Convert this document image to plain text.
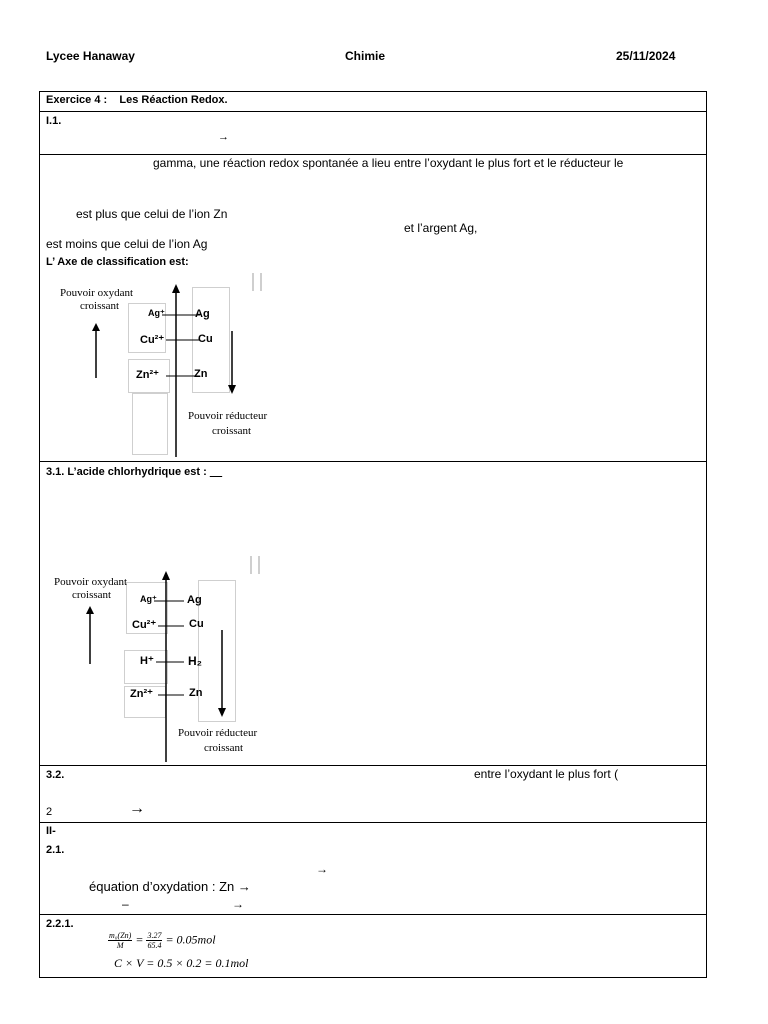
Lycee Hanaway	Chimie	25/11/2024
Exercice 4 :    Les Réaction Redox.
I.1.
→
gamma, une réaction redox spontanée a lieu entre l’oxydant le plus fort et le réducteur le
est plus que celui de l’ion Zn
et l’argent Ag,
est moins que celui de l’ion Ag
L’ Axe de classification est:
Pouvoir oxydant
croissant
Ag⁺
Cu²⁺
Zn²⁺
Ag
Cu
Zn
Pouvoir réducteur
croissant
3.1. L’acide chlorhydrique est : __
Pouvoir oxydant
croissant	Ag⁺
Cu²⁺
H⁺
Zn²⁺
Ag
Cu
H₂
Zn
Pouvoir réducteur
croissant
3.2.	entre l’oxydant le plus fort (
2	→
II-
2.1.
→
équation d’oxydation : Zn →
–	→
2.2.1.
$\frac{\text{m₀(Zn)}}{M} = \frac{3.27}{65.4} = 0.05mol$
C × V = 0.5 × 0.2 = 0.1mol
